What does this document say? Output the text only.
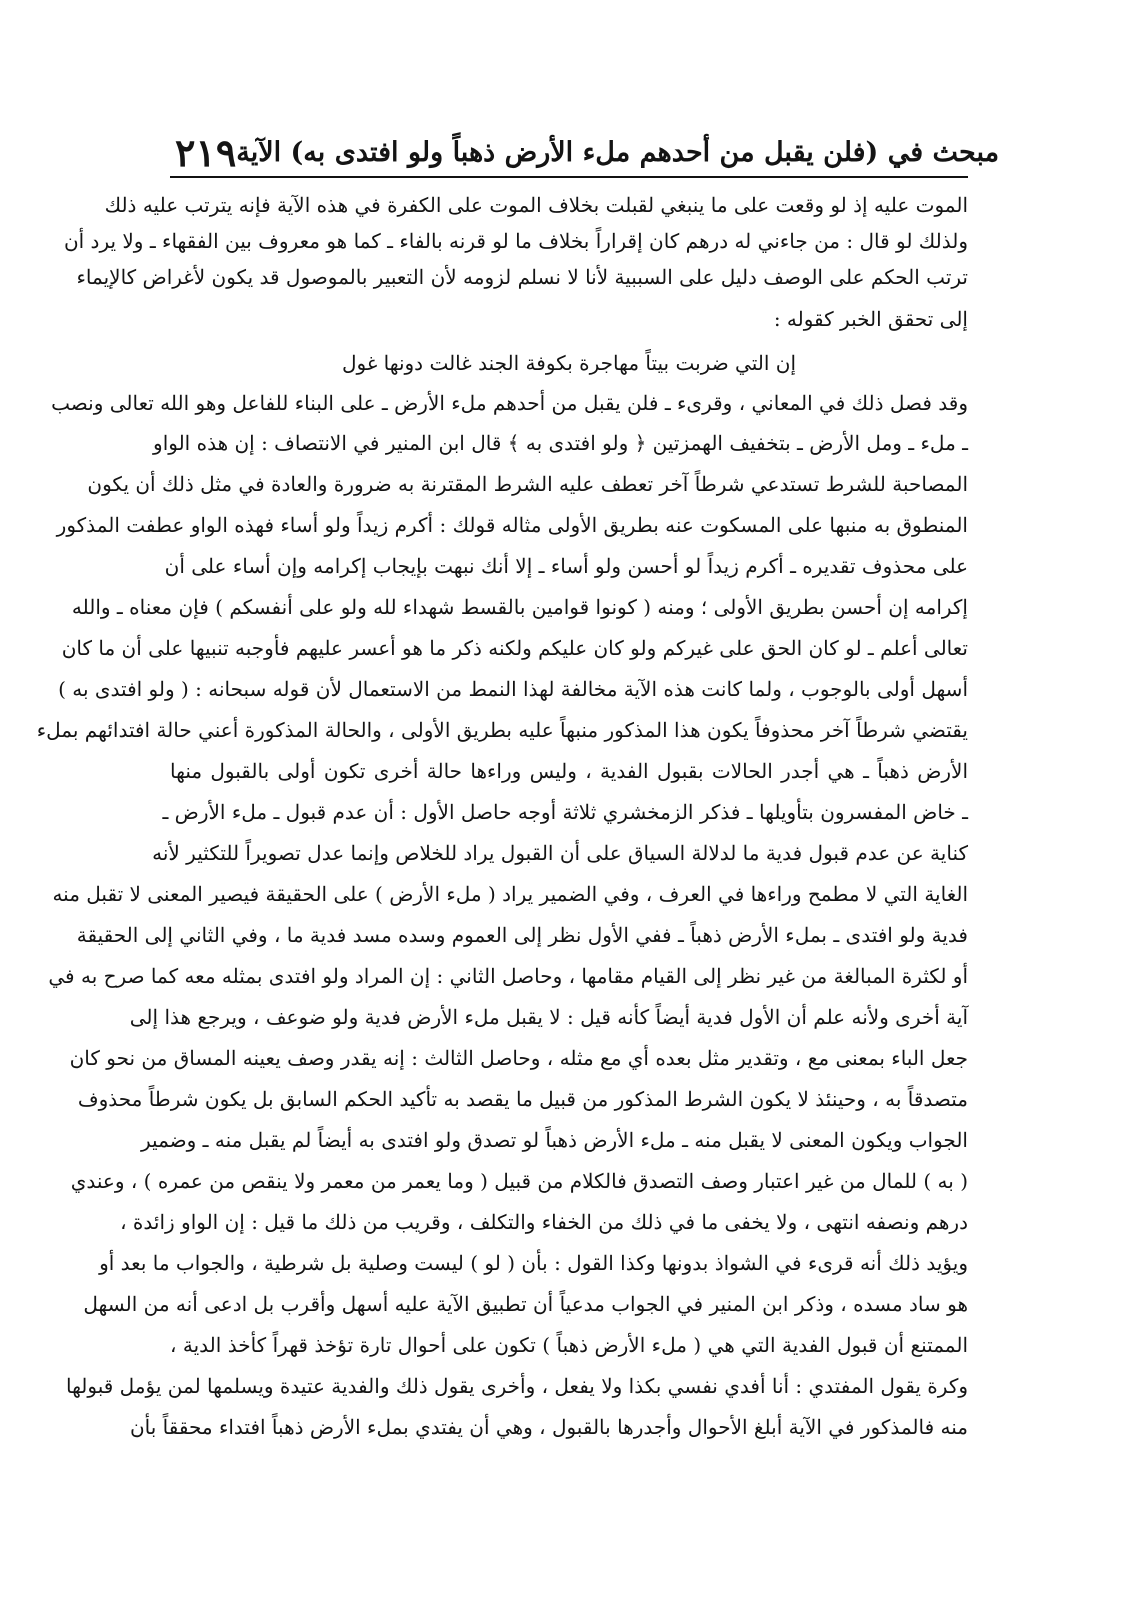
٢١٩ مبحث في (فلن يقبل من أحدهم ملء الأرض ذهباً ولو افتدى به) الآية
الموت عليه إذ لو وقعت على ما ينبغي لقبلت بخلاف الموت على الكفرة في هذه الآية فإنه يترتب عليه ذلك
ولذلك لو قال : من جاءني له درهم كان إقراراً بخلاف ما لو قرنه بالفاء ـ كما هو معروف بين الفقهاء ـ ولا يرد أن
ترتب الحكم على الوصف دليل على السببية لأنا لا نسلم لزومه لأن التعبير بالموصول قد يكون لأغراض كالإيماء
إلى تحقق الخبر كقوله :
إن التي ضربت بيتاً مهاجرة بكوفة الجند غالت دونها غول
وقد فصل ذلك في المعاني ، وقرىء ـ فلن يقبل من أحدهم ملء الأرض ـ على البناء للفاعل وهو الله تعالى ونصب
ـ ملء ـ ومل الأرض ـ بتخفيف الهمزتين ﴿ ولو افتدى به ﴾ قال ابن المنير في الانتصاف : إن هذه الواو
المصاحبة للشرط تستدعي شرطاً آخر تعطف عليه الشرط المقترنة به ضرورة والعادة في مثل ذلك أن يكون
المنطوق به منبها على المسكوت عنه بطريق الأولى مثاله قولك : أكرم زيداً ولو أساء فهذه الواو عطفت المذكور
على محذوف تقديره ـ أكرم زيداً لو أحسن ولو أساء ـ إلا أنك نبهت بإيجاب إكرامه وإن أساء على أن
إكرامه إن أحسن بطريق الأولى ؛ ومنه ( كونوا قوامين بالقسط شهداء لله ولو على أنفسكم ) فإن معناه ـ والله
تعالى أعلم ـ لو كان الحق على غيركم ولو كان عليكم ولكنه ذكر ما هو أعسر عليهم فأوجبه تنبيها على أن ما كان
أسهل أولى بالوجوب ، ولما كانت هذه الآية مخالفة لهذا النمط من الاستعمال لأن قوله سبحانه : ( ولو افتدى به )
يقتضي شرطاً آخر محذوفاً يكون هذا المذكور منبهاً عليه بطريق الأولى ، والحالة المذكورة أعني حالة افتدائهم بملء
الأرض ذهباً ـ هي أجدر الحالات بقبول الفدية ، وليس وراءها حالة أخرى تكون أولى بالقبول منها
ـ خاض المفسرون بتأويلها ـ فذكر الزمخشري ثلاثة أوجه حاصل الأول : أن عدم قبول ـ ملء الأرض ـ
كناية عن عدم قبول فدية ما لدلالة السياق على أن القبول يراد للخلاص وإنما عدل تصويراً للتكثير لأنه
الغاية التي لا مطمح وراءها في العرف ، وفي الضمير يراد ( ملء الأرض ) على الحقيقة فيصير المعنى لا تقبل منه
فدية ولو افتدى ـ بملء الأرض ذهباً ـ ففي الأول نظر إلى العموم وسده مسد فدية ما ، وفي الثاني إلى الحقيقة
أو لكثرة المبالغة من غير نظر إلى القيام مقامها ، وحاصل الثاني : إن المراد ولو افتدى بمثله معه كما صرح به في
آية أخرى ولأنه علم أن الأول فدية أيضاً كأنه قيل : لا يقبل ملء الأرض فدية ولو ضوعف ، ويرجع هذا إلى
جعل الباء بمعنى مع ، وتقدير مثل بعده أي مع مثله ، وحاصل الثالث : إنه يقدر وصف يعينه المساق من نحو كان
متصدقاً به ، وحينئذ لا يكون الشرط المذكور من قبيل ما يقصد به تأكيد الحكم السابق بل يكون شرطاً محذوف
الجواب ويكون المعنى لا يقبل منه ـ ملء الأرض ذهباً لو تصدق ولو افتدى به أيضاً لم يقبل منه ـ وضمير
( به ) للمال من غير اعتبار وصف التصدق فالكلام من قبيل ( وما يعمر من معمر ولا ينقص من عمره ) ، وعندي
درهم ونصفه انتهى ، ولا يخفى ما في ذلك من الخفاء والتكلف ، وقريب من ذلك ما قيل : إن الواو زائدة ،
ويؤيد ذلك أنه قرىء في الشواذ بدونها وكذا القول : بأن ( لو ) ليست وصلية بل شرطية ، والجواب ما بعد أو
هو ساد مسده ، وذكر ابن المنير في الجواب مدعياً أن تطبيق الآية عليه أسهل وأقرب بل ادعى أنه من السهل
الممتنع أن قبول الفدية التي هي ( ملء الأرض ذهباً ) تكون على أحوال تارة تؤخذ قهراً كأخذ الدية ،
وكرة يقول المفتدي : أنا أفدي نفسي بكذا ولا يفعل ، وأخرى يقول ذلك والفدية عتيدة ويسلمها لمن يؤمل قبولها
منه فالمذكور في الآية أبلغ الأحوال وأجدرها بالقبول ، وهي أن يفتدي بملء الأرض ذهباً افتداء محققاً بأن
